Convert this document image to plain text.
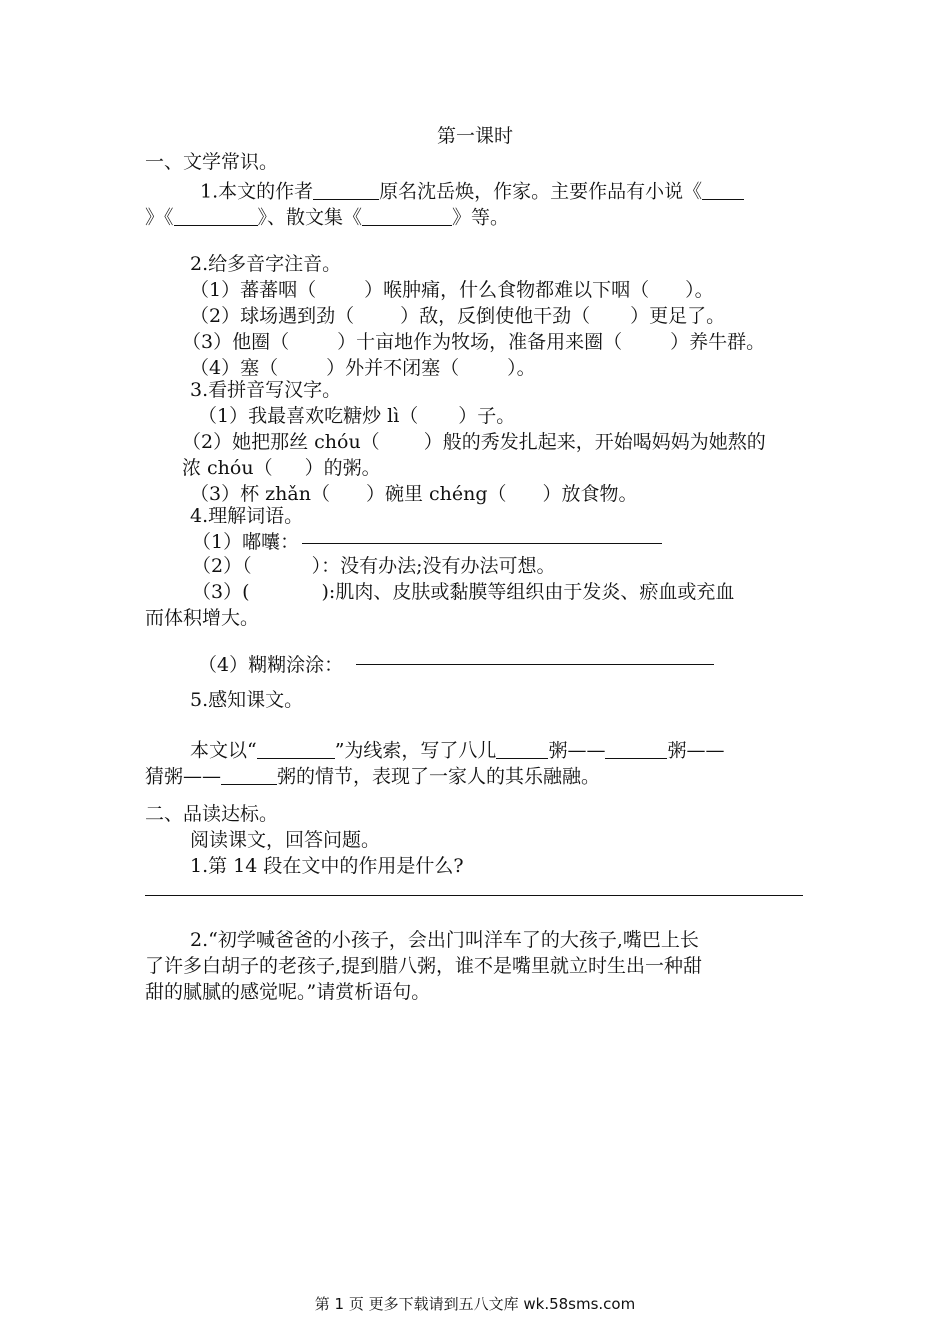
第一课时
一、文学常识。
1.本文的作者	原名沈岳焕，作家。主要作品有小说《
》《	》、散文集《	》等。
2.给多音字注音。
（1）蕃蕃咽（	）喉肿痛，什么食物都难以下咽（ ）。
（2）球场遇到劲（ ）敌，反倒使他干劲（ ）更足了。
（3）他圈（	）十亩地作为牧场，准备用来圈（	）养牛群。
（4）塞（	）外并不闭塞（	）。
3.看拼音写汉字。
（1）我最喜欢吃糖炒 lì（ ）子。
（2）她把那丝 chóu（ ）般的秀发扎起来，开始喝妈妈为她熬的
浓 chóu（ ）的粥。
（3）杯 zhǎn（ ）碗里 chéng（ ）放食物。
4.理解词语。
（1）嘟囔：
（2）（	）：没有办法;没有办法可想。
（3）(	):肌肉、皮肤或黏膜等组织由于发炎、瘀血或充血
而体积增大。
（4）糊糊涂涂：
5.感知课文。
本文以“	”为线索，写了八儿	粥——	粥——
猜粥——	粥的情节，表现了一家人的其乐融融。
二、品读达标。
阅读课文，回答问题。
1.第 14 段在文中的作用是什么?
2.“初学喊爸爸的小孩子，会出门叫洋车了的大孩子,嘴巴上长
了许多白胡子的老孩子,提到腊八粥，谁不是嘴里就立时生出一种甜
甜的腻腻的感觉呢。”请赏析语句。
第 1 页 更多下载请到五八文库 wk.58sms.com
